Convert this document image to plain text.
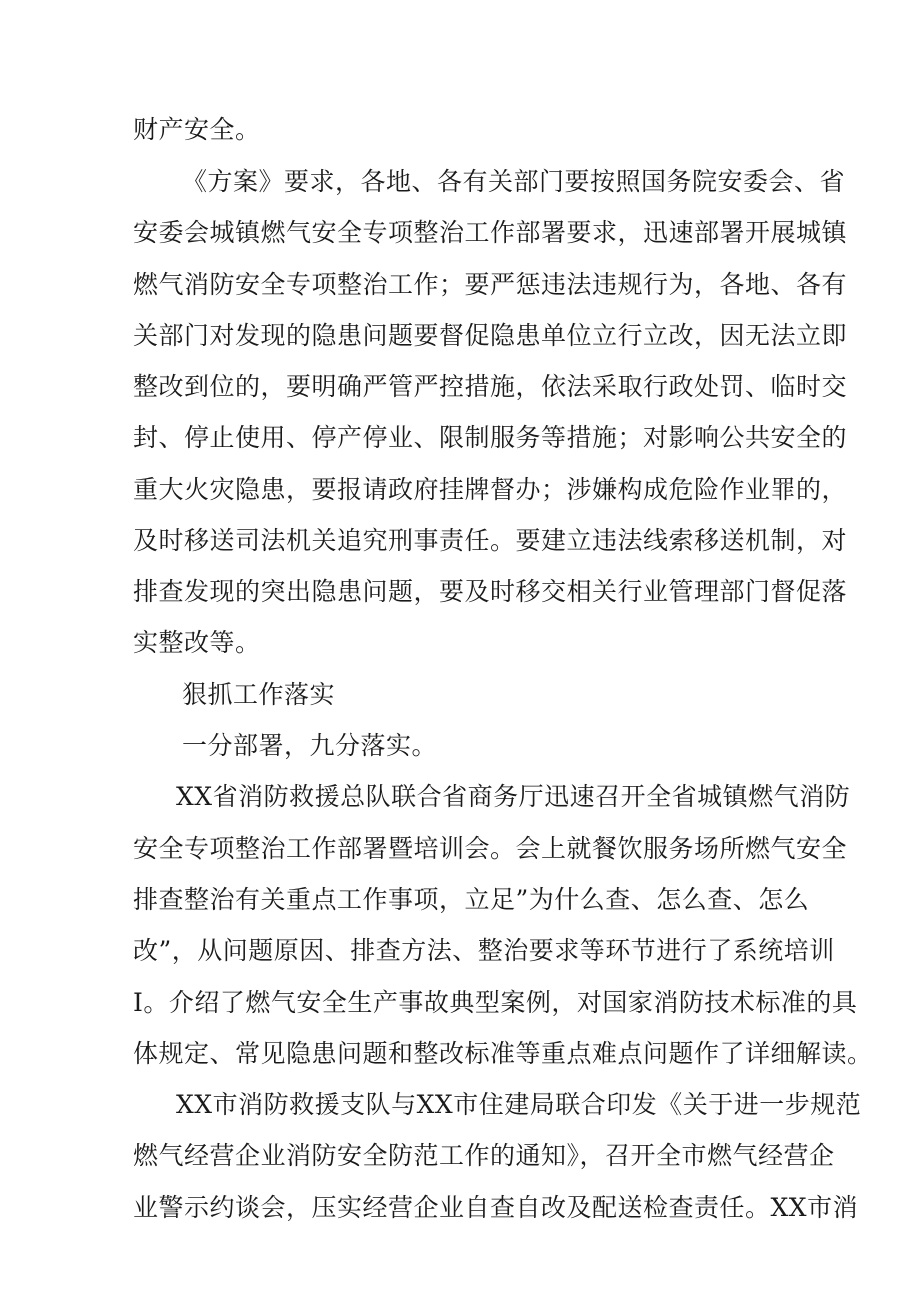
财产安全。

《方案》要求，各地、各有关部门要按照国务院安委会、省

安委会城镇燃气安全专项整治工作部署要求，迅速部署开展城镇

燃气消防安全专项整治工作；要严惩违法违规行为，各地、各有

关部门对发现的隐患问题要督促隐患单位立行立改，因无法立即

整改到位的，要明确严管严控措施，依法采取行政处罚、临时交

封、停止使用、停产停业、限制服务等措施；对影响公共安全的

重大火灾隐患，要报请政府挂牌督办；涉嫌构成危险作业罪的，

及时移送司法机关追究刑事责任。要建立违法线索移送机制，对

排查发现的突出隐患问题，要及时移交相关行业管理部门督促落

实整改等。

狠抓工作落实

一分部署，九分落实。

XX省消防救援总队联合省商务厅迅速召开全省城镇燃气消防

安全专项整治工作部署暨培训会。会上就餐饮服务场所燃气安全

排查整治有关重点工作事项，立足”为什么查、怎么查、怎么

改”，从问题原因、排查方法、整治要求等环节进行了系统培训

I。介绍了燃气安全生产事故典型案例，对国家消防技术标准的具

体规定、常见隐患问题和整改标准等重点难点问题作了详细解读。

XX市消防救援支队与XX市住建局联合印发《关于进一步规范

燃气经营企业消防安全防范工作的通知》，召开全市燃气经营企

业警示约谈会，压实经营企业自查自改及配送检查责任。XX市消
